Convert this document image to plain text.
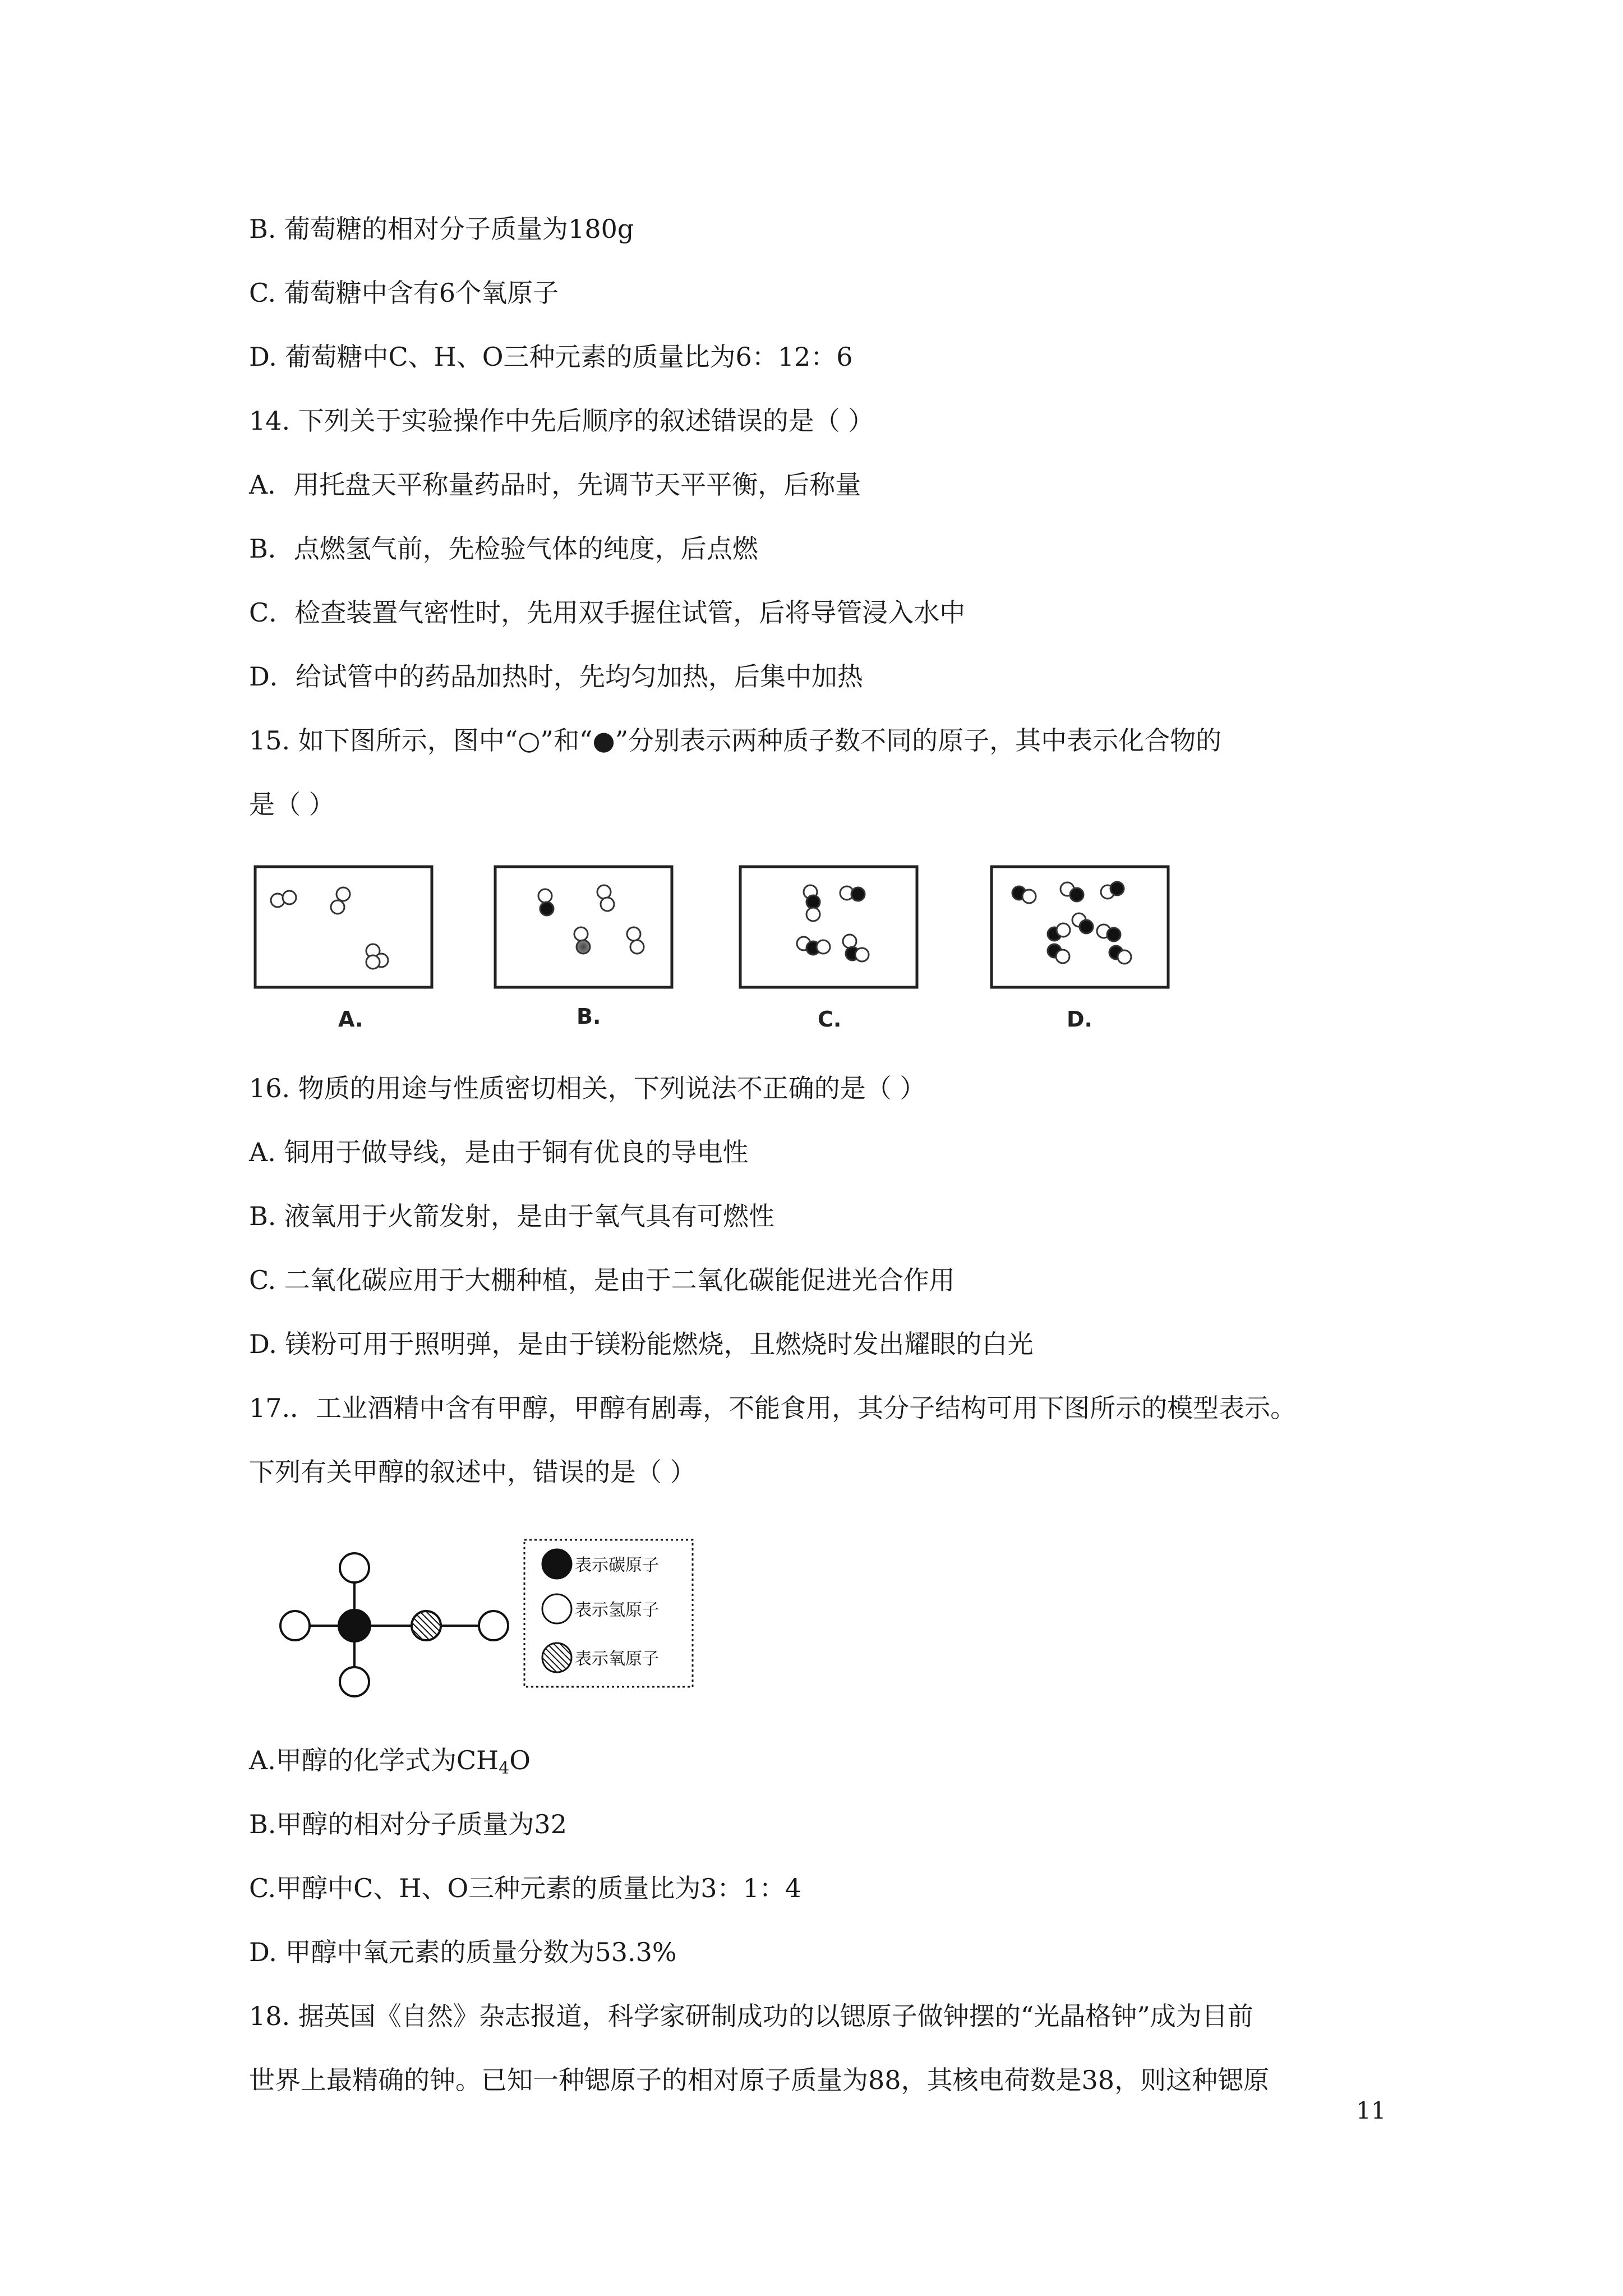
B. 葡萄糖的相对分子质量为180g
C. 葡萄糖中含有6个氧原子
D. 葡萄糖中C、H、O三种元素的质量比为6：12：6
14. 下列关于实验操作中先后顺序的叙述错误的是（ ）
A．用托盘天平称量药品时，先调节天平平衡，后称量
B．点燃氢气前，先检验气体的纯度，后点燃
C．检查装置气密性时，先用双手握住试管，后将导管浸入水中
D．给试管中的药品加热时，先均匀加热，后集中加热
15. 如下图所示，图中“○”和“●”分别表示两种质子数不同的原子，其中表示化合物的
是（ ）
A.	B.	C.	D.
16. 物质的用途与性质密切相关，下列说法不正确的是（ ）
A. 铜用于做导线，是由于铜有优良的导电性
B. 液氧用于火箭发射，是由于氧气具有可燃性
C. 二氧化碳应用于大棚种植，是由于二氧化碳能促进光合作用
D. 镁粉可用于照明弹，是由于镁粉能燃烧，且燃烧时发出耀眼的白光
17.．工业酒精中含有甲醇，甲醇有剧毒，不能食用，其分子结构可用下图所示的模型表示。
下列有关甲醇的叙述中，错误的是（ ）
表示碳原子
表示氢原子
表示氧原子
A.甲醇的化学式为$CH_4O$
B.甲醇的相对分子质量为32
C.甲醇中C、H、O三种元素的质量比为3：1：4
D. 甲醇中氧元素的质量分数为53.3%
18. 据英国《自然》杂志报道，科学家研制成功的以锶原子做钟摆的“光晶格钟”成为目前
世界上最精确的钟。已知一种锶原子的相对原子质量为88，其核电荷数是38，则这种锶原
11
